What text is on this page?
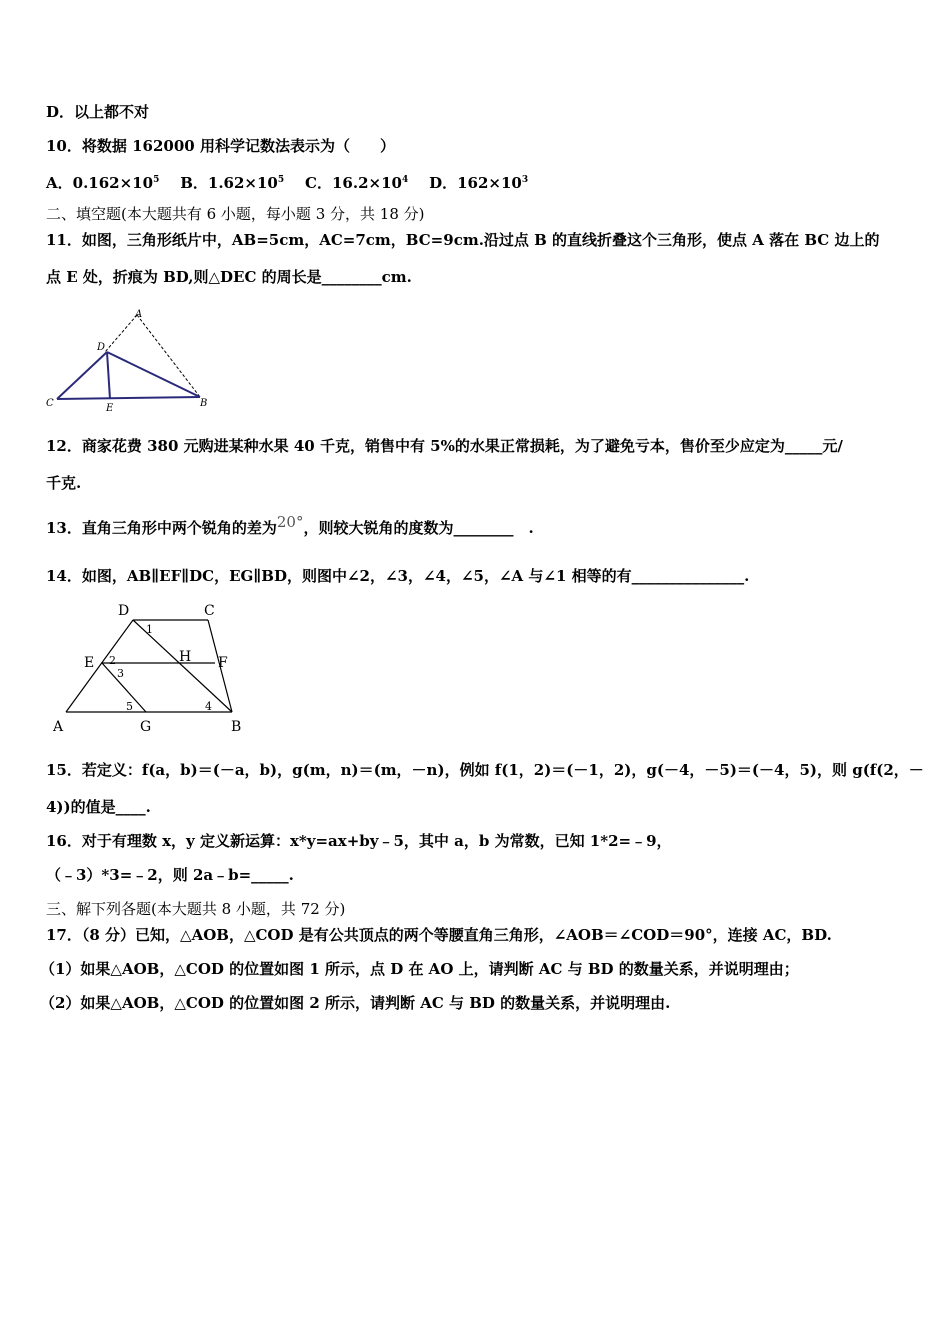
D．以上都不对
10．将数据 162000 用科学记数法表示为（　　）
A．$0.162\times 10^5$ B．$1.62\times 10^5$ C．$16.2\times 10^4$ D．$162\times 10^3$
二、填空题(本大题共有 6 小题，每小题 3 分，共 18 分)
11．如图，三角形纸片中，AB=5cm，AC=7cm，BC=9cm.沿过点 B 的直线折叠这个三角形，使点 A 落在 BC 边上的
点 E 处，折痕为 BD,则△DEC 的周长是________cm.
A
D
C	E	B
12．商家花费 380 元购进某种水果 40 千克，销售中有 5%的水果正常损耗，为了避免亏本，售价至少应定为_____元/
千克.
13．直角三角形中两个锐角的差为20°，则较大锐角的度数为________　.
14．如图，AB∥EF∥DC，EG∥BD，则图中∠2，∠3，∠4，∠5，∠A 与∠1 相等的有_______________.
D	C
E	H F
A	G	B
1
2
3
4
5
15．若定义：f(a，b)＝(－a，b)，g(m，n)＝(m，－n)，例如 f(1，2)＝(－1，2)，g(－4，－5)＝(－4，5)，则 g(f(2，－
4))的值是____.
16．对于有理数 x，y 定义新运算：x*y=ax+by﹣5，其中 a，b 为常数，已知 1*2=﹣9，
（﹣3）*3=﹣2，则 2a﹣b=_____.
三、解下列各题(本大题共 8 小题，共 72 分)
17．（8 分）已知，△AOB，△COD 是有公共顶点的两个等腰直角三角形，∠AOB＝∠COD＝90°，连接 AC，BD.
（1）如果△AOB，△COD 的位置如图 1 所示，点 D 在 AO 上，请判断 AC 与 BD 的数量关系，并说明理由；
（2）如果△AOB，△COD 的位置如图 2 所示，请判断 AC 与 BD 的数量关系，并说明理由.
